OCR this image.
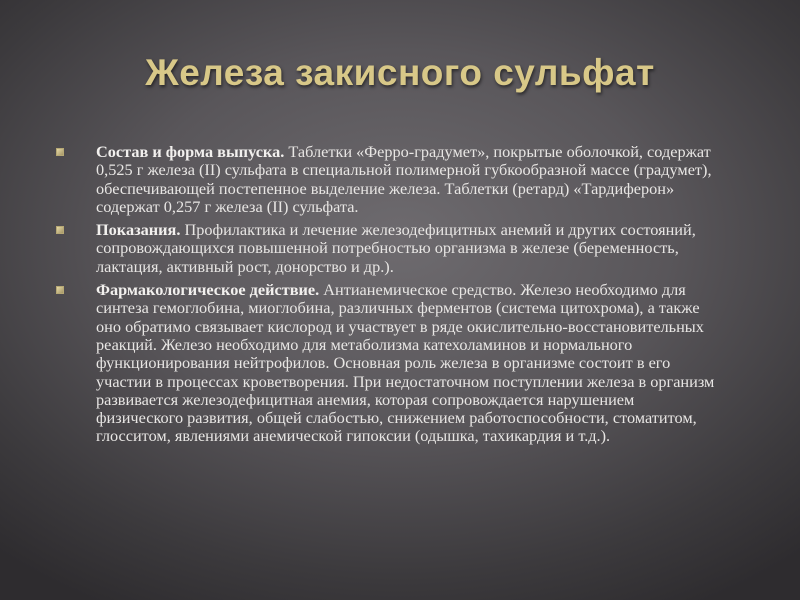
Железа закисного сульфат
Состав и форма выпуска. Таблетки «Ферро-градумет», покрытые оболочкой, содержат 0,525 г железа (II) сульфата в специальной полимерной губкообразной массе (градумет), обеспечивающей постепенное выделение железа. Таблетки (ретард) «Тардиферон» содержат 0,257 г железа (II) сульфата.
Показания. Профилактика и лечение железодефицитных анемий и других состояний, сопровождающихся повышенной потребностью организма в железе (беременность, лактация, активный рост, донорство и др.).
Фармакологическое действие. Антианемическое средство. Железо необходимо для синтеза гемоглобина, миоглобина, различных ферментов (система цитохрома), а также оно обратимо связывает кислород и участвует в ряде окислительно-восстановительных реакций. Железо необходимо для метаболизма катехоламинов и нормального функционирования нейтрофилов. Основная роль железа в организме состоит в его участии в процессах кроветворения. При недостаточном поступлении железа в организм развивается железодефицитная анемия, которая сопровождается нарушением физического развития, общей слабостью, снижением работоспособности, стоматитом, глосситом, явлениями анемической гипоксии (одышка, тахикардия и т.д.).
